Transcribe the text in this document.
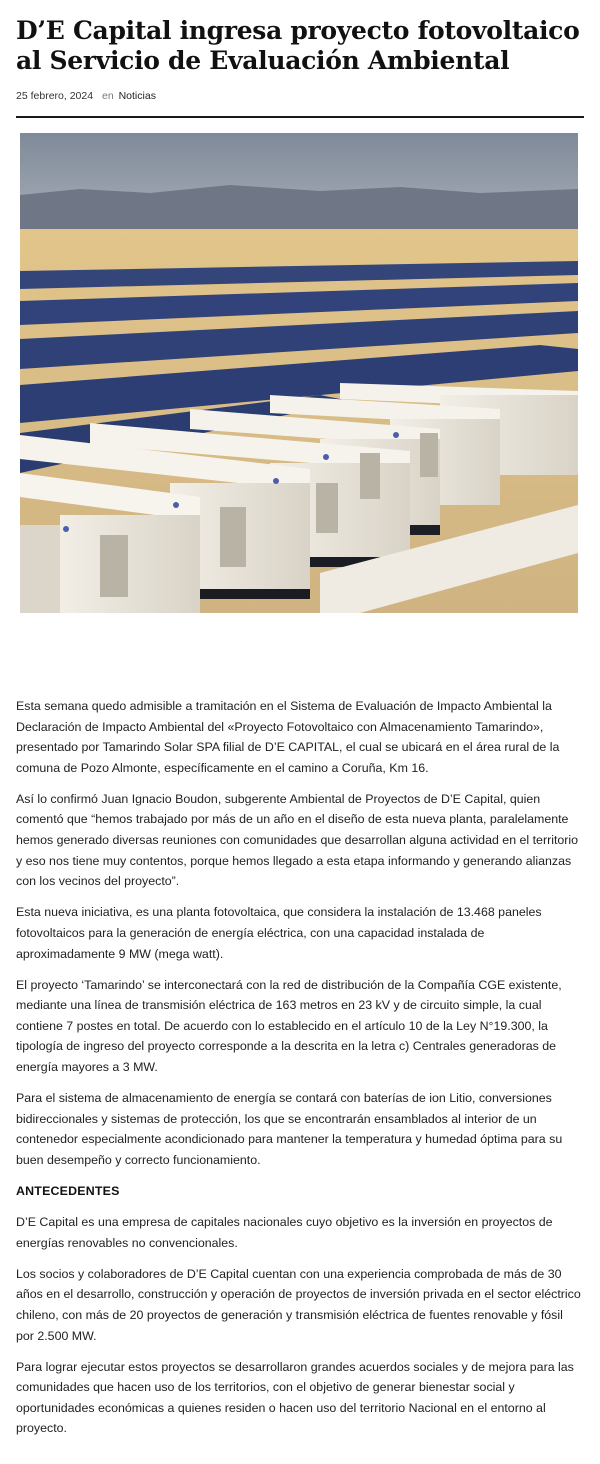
D’E Capital ingresa proyecto fotovoltaico al Servicio de Evaluación Ambiental
25 febrero, 2024 en Noticias

Esta semana quedo admisible a tramitación en el Sistema de Evaluación de Impacto Ambiental la Declaración de Impacto Ambiental del «Proyecto Fotovoltaico con Almacenamiento Tamarindo», presentado por Tamarindo Solar SPA filial de D’E CAPITAL, el cual se ubicará en el área rural de la comuna de Pozo Almonte, específicamente en el camino a Coruña, Km 16.

Así lo confirmó Juan Ignacio Boudon, subgerente Ambiental de Proyectos de D’E Capital, quien comentó que “hemos trabajado por más de un año en el diseño de esta nueva planta, paralelamente hemos generado diversas reuniones con comunidades que desarrollan alguna actividad en el territorio y eso nos tiene muy contentos, porque hemos llegado a esta etapa informando y generando alianzas con los vecinos del proyecto”.

Esta nueva iniciativa, es una planta fotovoltaica, que considera la instalación de 13.468 paneles fotovoltaicos para la generación de energía eléctrica, con una capacidad instalada de aproximadamente 9 MW (mega watt).

El proyecto ‘Tamarindo’ se interconectará con la red de distribución de la Compañía CGE existente, mediante una línea de transmisión eléctrica de 163 metros en 23 kV y de circuito simple, la cual contiene 7 postes en total. De acuerdo con lo establecido en el artículo 10 de la Ley N°19.300, la tipología de ingreso del proyecto corresponde a la descrita en la letra c) Centrales generadoras de energía mayores a 3 MW.

Para el sistema de almacenamiento de energía se contará con baterías de ion Litio, conversiones bidireccionales y sistemas de protección, los que se encontrarán ensamblados al interior de un contenedor especialmente acondicionado para mantener la temperatura y humedad óptima para su buen desempeño y correcto funcionamiento.

ANTECEDENTES

D’E Capital es una empresa de capitales nacionales cuyo objetivo es la inversión en proyectos de energías renovables no convencionales.

Los socios y colaboradores de D’E Capital cuentan con una experiencia comprobada de más de 30 años en el desarrollo, construcción y operación de proyectos de inversión privada en el sector eléctrico chileno, con más de 20 proyectos de generación y transmisión eléctrica de fuentes renovable y fósil por 2.500 MW.

Para lograr ejecutar estos proyectos se desarrollaron grandes acuerdos sociales y de mejora para las comunidades que hacen uso de los territorios, con el objetivo de generar bienestar social y oportunidades económicas a quienes residen o hacen uso del territorio Nacional en el entorno al proyecto.
